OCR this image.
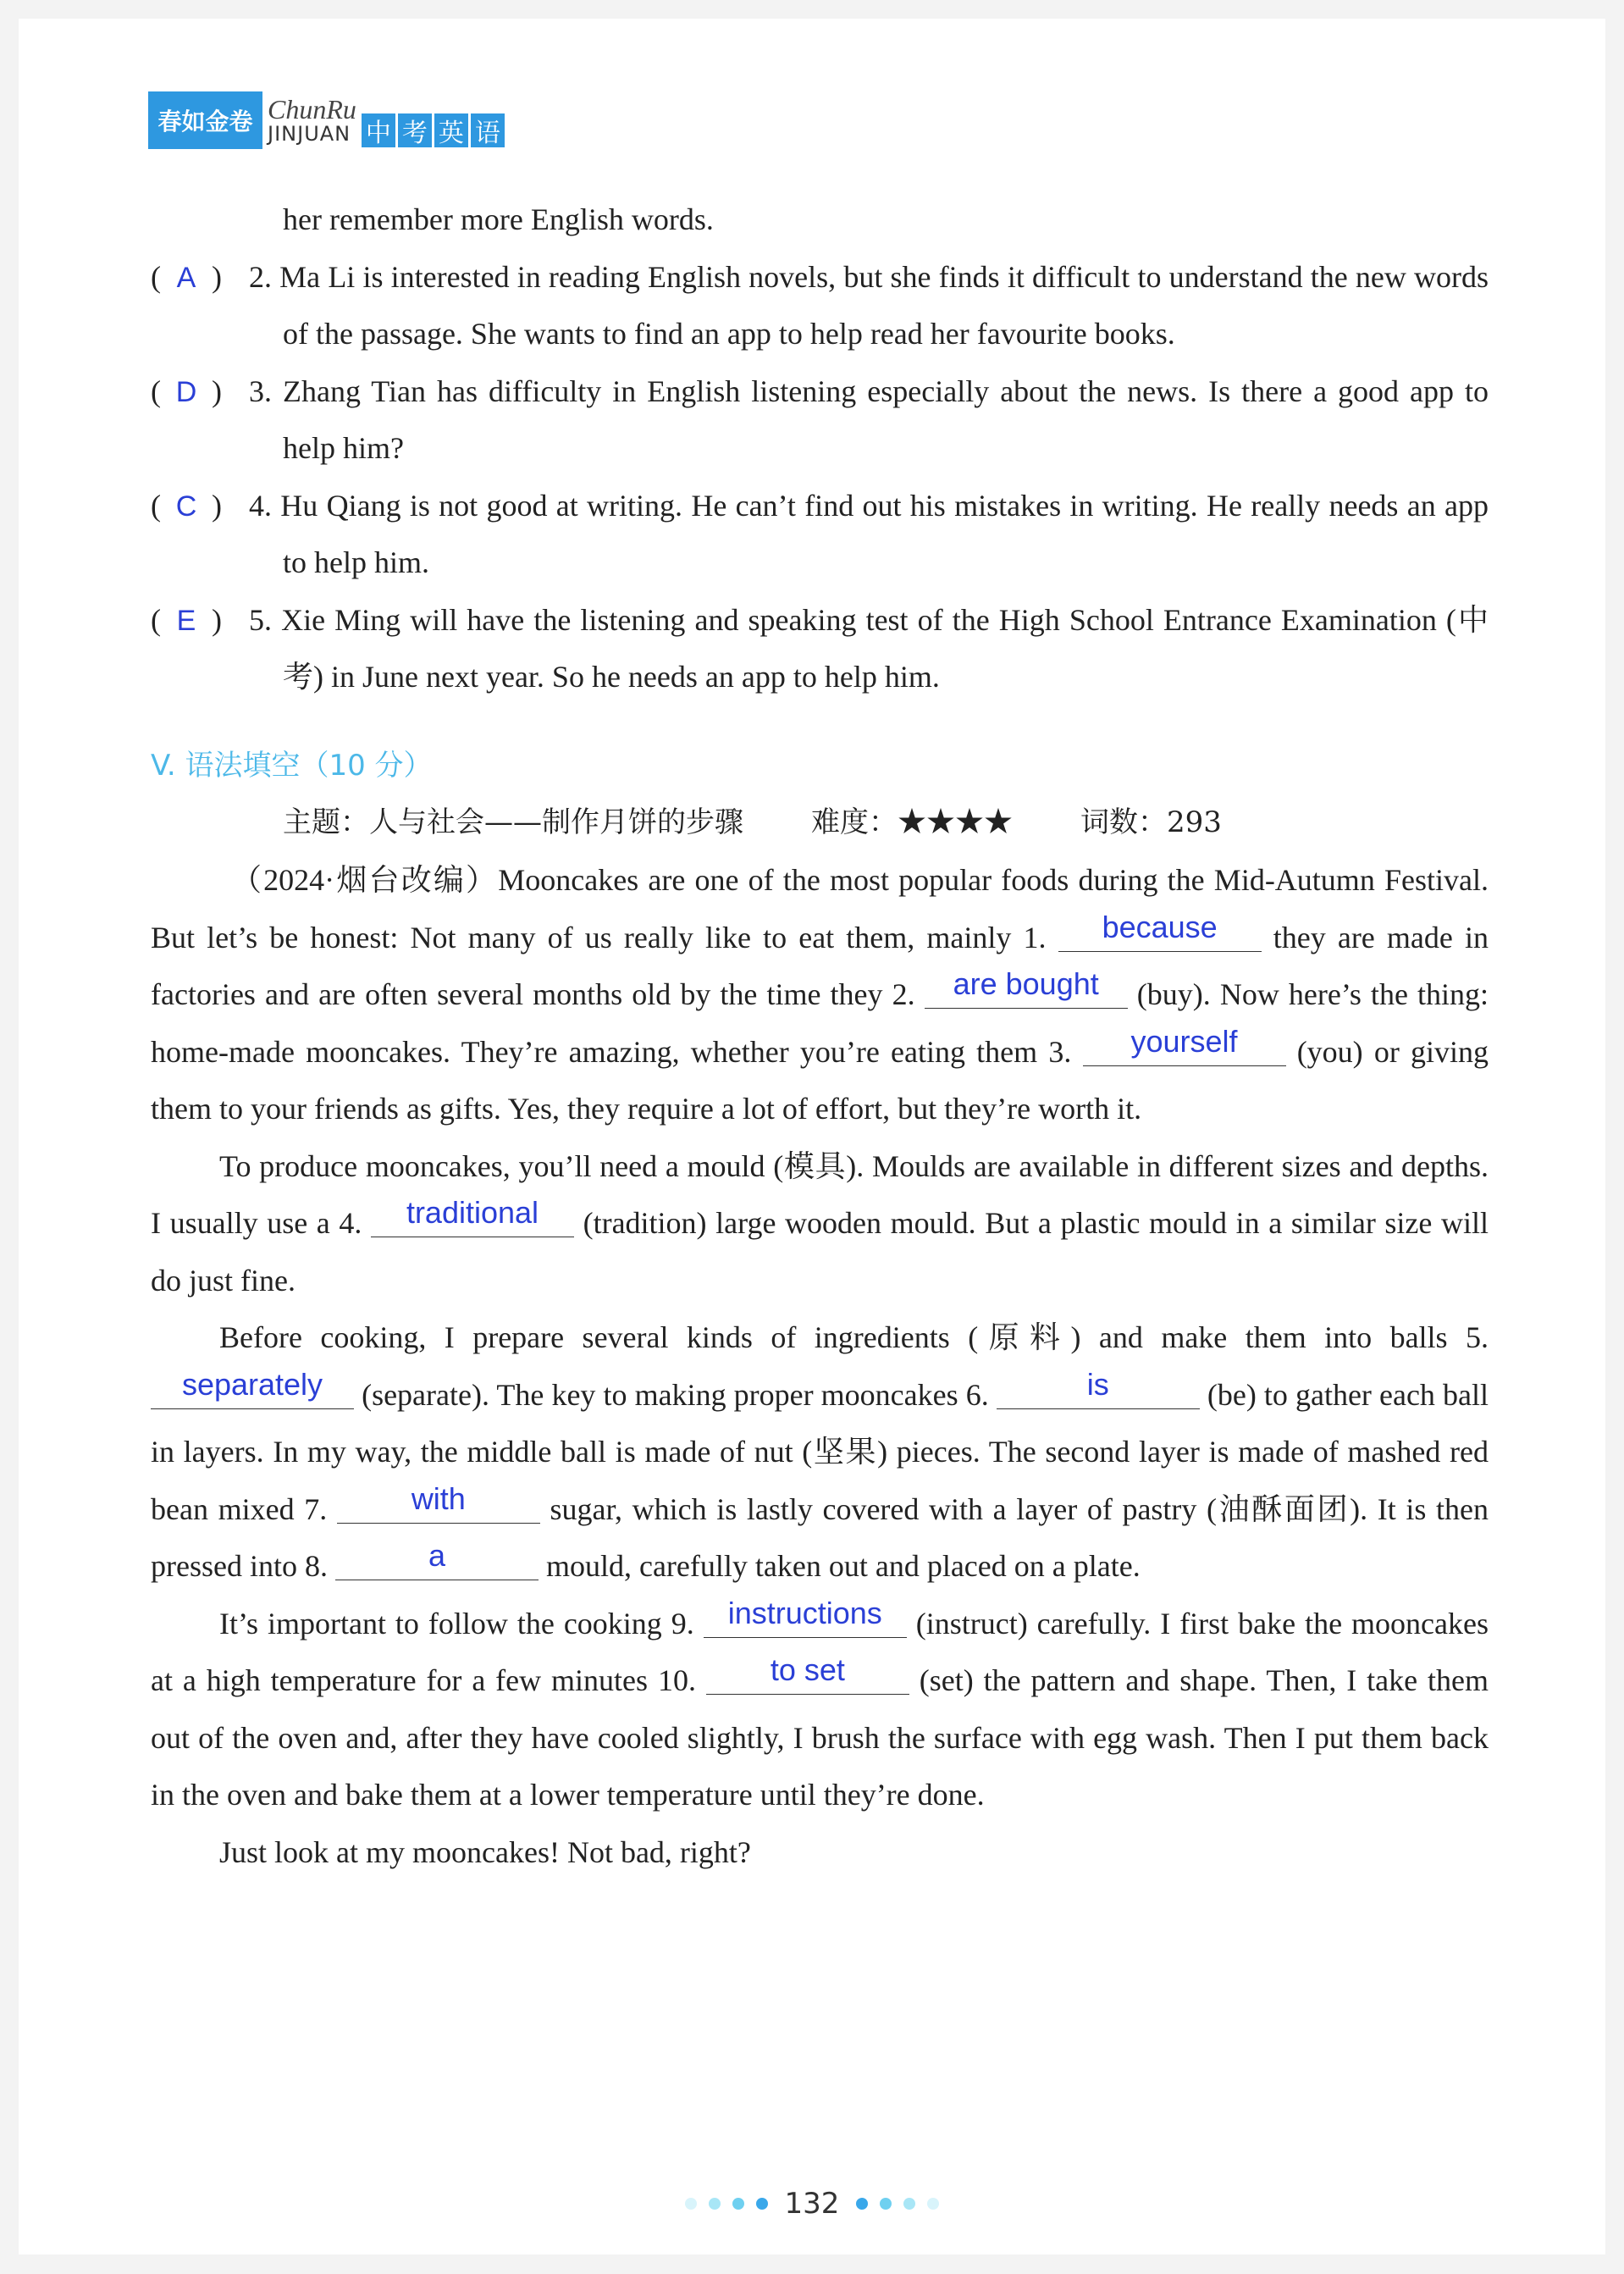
春如金卷 ChunRu
JINJUAN 中 考 英 语
her remember more English words.
( A ) 2. Ma Li is interested in reading English novels, but she finds it difficult to understand the new words of the passage. She wants to find an app to help read her favourite books.
( D ) 3. Zhang Tian has difficulty in English listening especially about the news. Is there a good app to help him?
( C ) 4. Hu Qiang is not good at writing. He can’t find out his mistakes in writing. He really needs an app to help him.
( E ) 5. Xie Ming will have the listening and speaking test of the High School Entrance Examination (中考) in June next year. So he needs an app to help him.
V. 语法填空（10 分）
主题：人与社会——制作月饼的步骤 难度：★★★★ 词数：293

（2024·烟台改编）Mooncakes are one of the most popular foods during the Mid-Autumn Festival. But let’s be honest: Not many of us really like to eat them, mainly 1. because they are made in factories and are often several months old by the time they 2. are bought (buy). Now here’s the thing: home-made mooncakes. They’re amazing, whether you’re eating them 3. yourself (you) or giving them to your friends as gifts. Yes, they require a lot of effort, but they’re worth it.

To produce mooncakes, you’ll need a mould (模具). Moulds are available in different sizes and depths. I usually use a 4. traditional (tradition) large wooden mould. But a plastic mould in a similar size will do just fine.

Before cooking, I prepare several kinds of ingredients (原料) and make them into balls 5. separately (separate). The key to making proper mooncakes 6.	is	(be) to gather each ball in layers. In my way, the middle ball is made of nut (坚果) pieces. The second layer is made of mashed red bean mixed 7. with sugar, which is lastly covered with a layer of pastry (油酥面团). It is then pressed into 8.	a	mould, carefully taken out and placed on a plate.

It’s important to follow the cooking 9. instructions (instruct) carefully. I first bake the mooncakes at a high temperature for a few minutes 10. to set (set) the pattern and shape. Then, I take them out of the oven and, after they have cooled slightly, I brush the surface with egg wash. Then I put them back in the oven and bake them at a lower temperature until they’re done.

Just look at my mooncakes! Not bad, right?

132
